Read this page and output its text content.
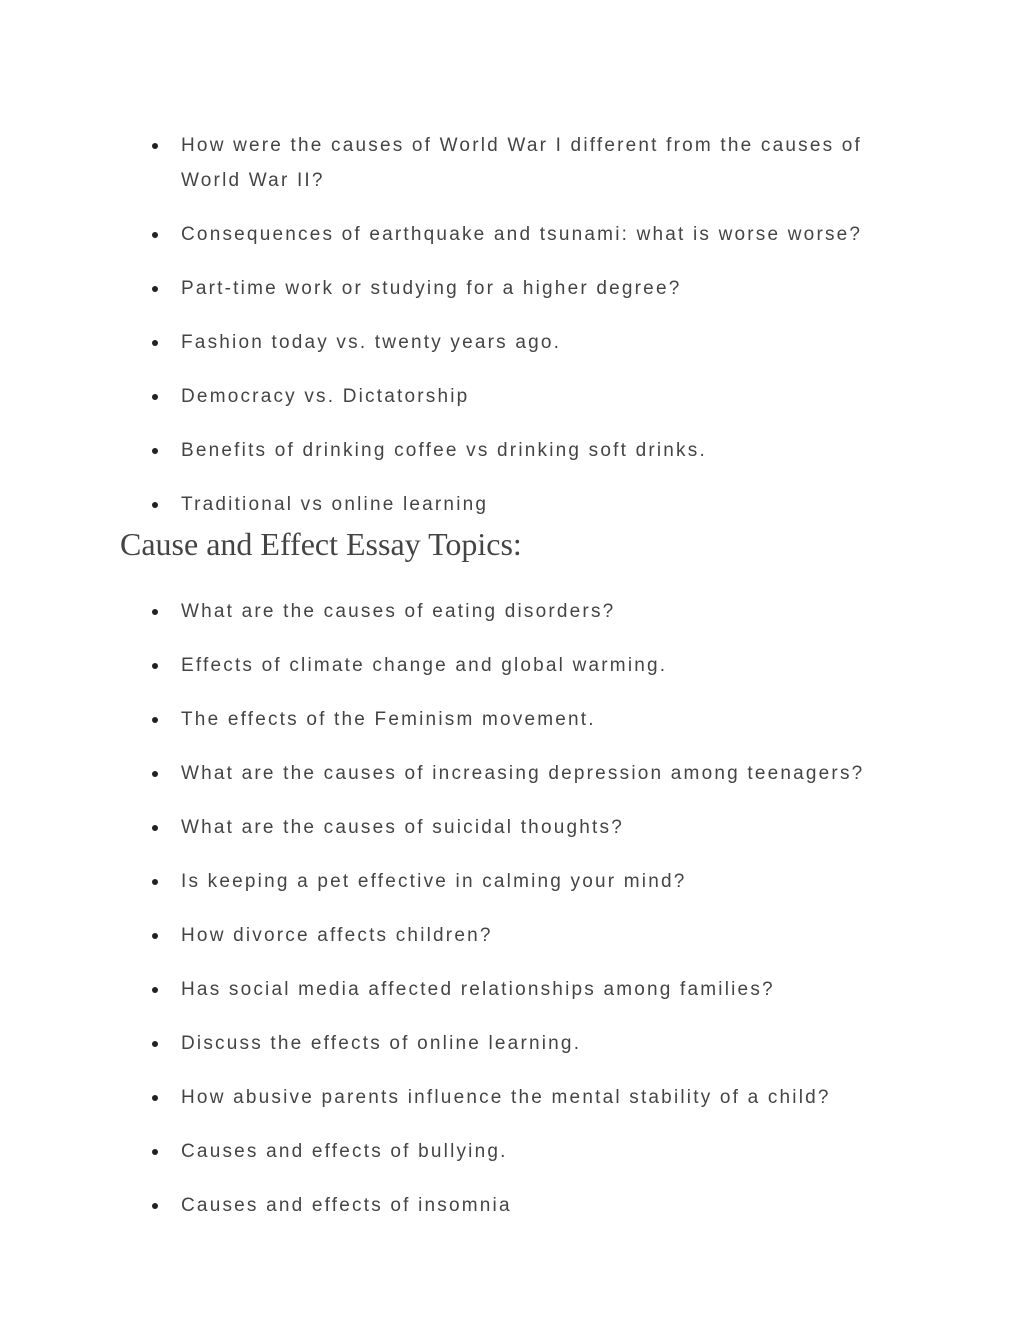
How were the causes of World War I different from the causes of World War II?
Consequences of earthquake and tsunami: what is worse worse?
Part-time work or studying for a higher degree?
Fashion today vs. twenty years ago.
Democracy vs. Dictatorship
Benefits of drinking coffee vs drinking soft drinks.
Traditional vs online learning
Cause and Effect Essay Topics:
What are the causes of eating disorders?
Effects of climate change and global warming.
The effects of the Feminism movement.
What are the causes of increasing depression among teenagers?
What are the causes of suicidal thoughts?
Is keeping a pet effective in calming your mind?
How divorce affects children?
Has social media affected relationships among families?
Discuss the effects of online learning.
How abusive parents influence the mental stability of a child?
Causes and effects of bullying.
Causes and effects of insomnia
